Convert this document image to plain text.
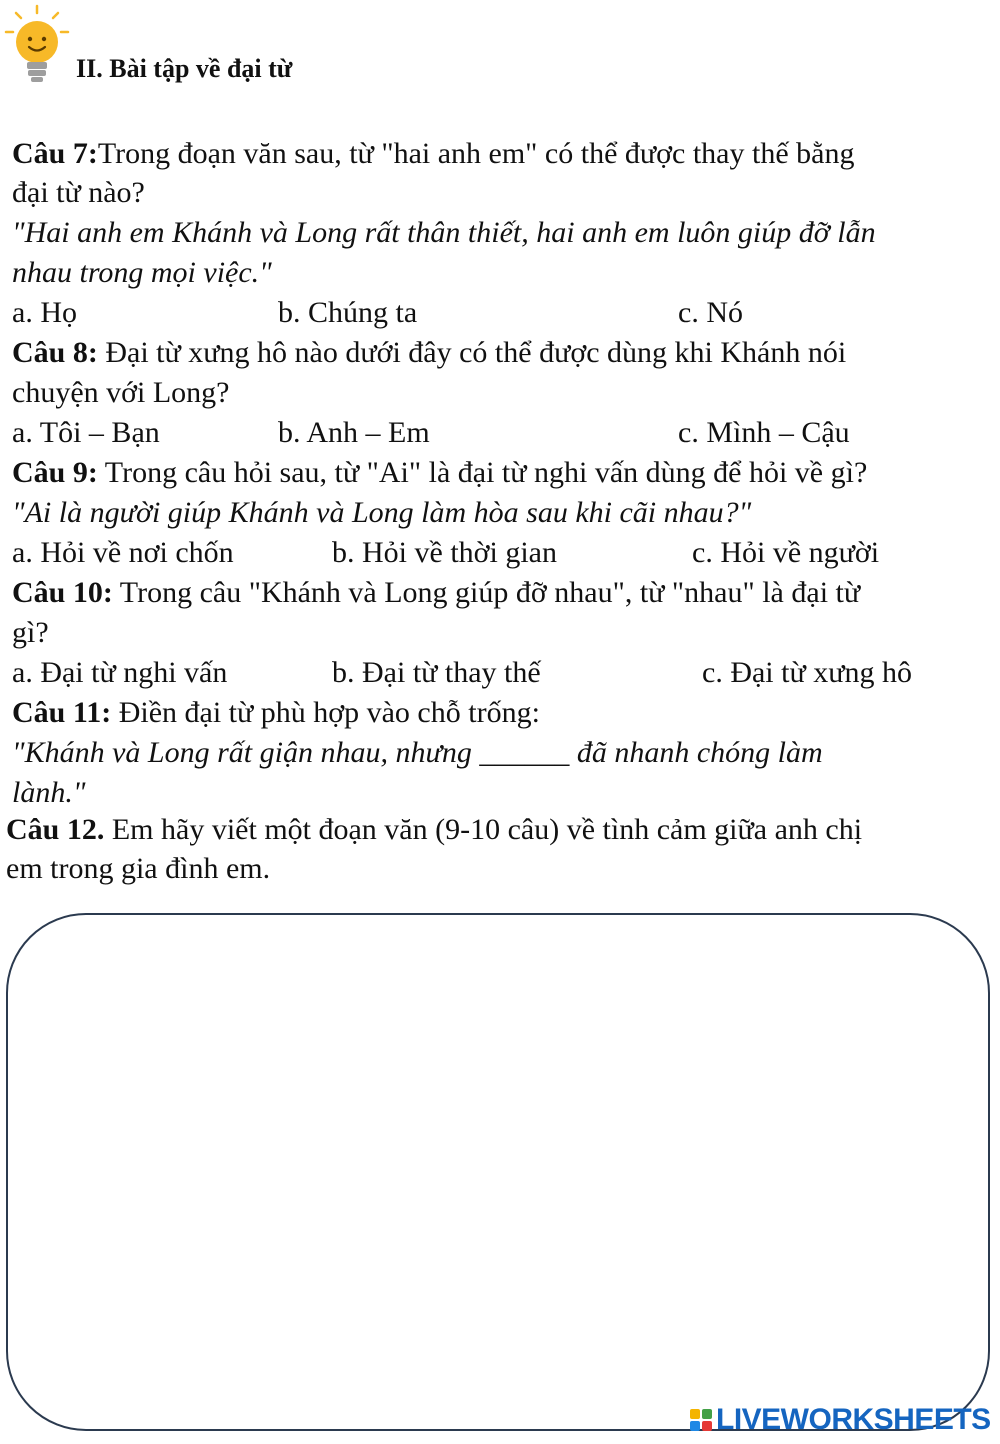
II. Bài tập về đại từ
Câu 7:Trong đoạn văn sau, từ "hai anh em" có thể được thay thế bằng
đại từ nào?
"Hai anh em Khánh và Long rất thân thiết, hai anh em luôn giúp đỡ lẫn
nhau trong mọi việc."
a. Họ	b. Chúng ta	c. Nó
Câu 8: Đại từ xưng hô nào dưới đây có thể được dùng khi Khánh nói
chuyện với Long?
a. Tôi – Bạn	b. Anh – Em	c. Mình – Cậu
Câu 9: Trong câu hỏi sau, từ "Ai" là đại từ nghi vấn dùng để hỏi về gì?
"Ai là người giúp Khánh và Long làm hòa sau khi cãi nhau?"
a. Hỏi về nơi chốn	b. Hỏi về thời gian	c. Hỏi về người
Câu 10: Trong câu "Khánh và Long giúp đỡ nhau", từ "nhau" là đại từ
gì?
a. Đại từ nghi vấn	b. Đại từ thay thế	c. Đại từ xưng hô
Câu 11: Điền đại từ phù hợp vào chỗ trống:
"Khánh và Long rất giận nhau, nhưng ______ đã nhanh chóng làm
lành."
Câu 12. Em hãy viết một đoạn văn (9-10 câu) về tình cảm giữa anh chị
em trong gia đình em.
LIVEWORKSHEETS
